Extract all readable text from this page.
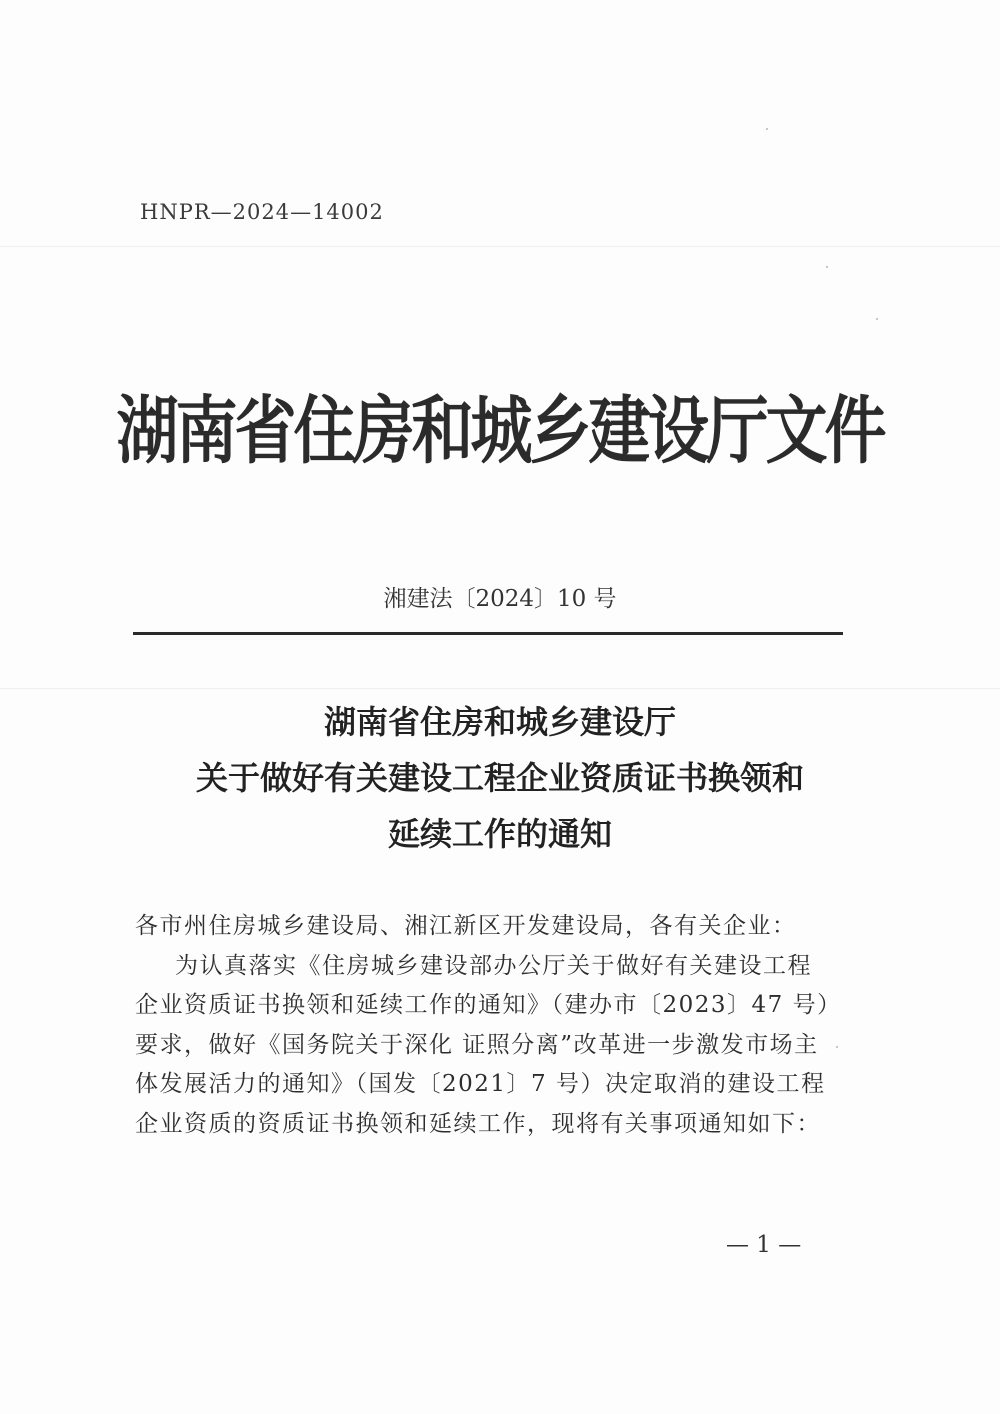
HNPR—2024—14002
湖南省住房和城乡建设厅文件
湘建法〔2024〕10 号
湖南省住房和城乡建设厅
关于做好有关建设工程企业资质证书换领和
延续工作的通知
各市州住房城乡建设局、湘江新区开发建设局，各有关企业：
为认真落实《住房城乡建设部办公厅关于做好有关建设工程
企业资质证书换领和延续工作的通知》（建办市〔2023〕47 号）
要求，做好《国务院关于深化 证照分离”改革进一步激发市场主
体发展活力的通知》（国发〔2021〕7 号）决定取消的建设工程
企业资质的资质证书换领和延续工作，现将有关事项通知如下：
— 1 —
